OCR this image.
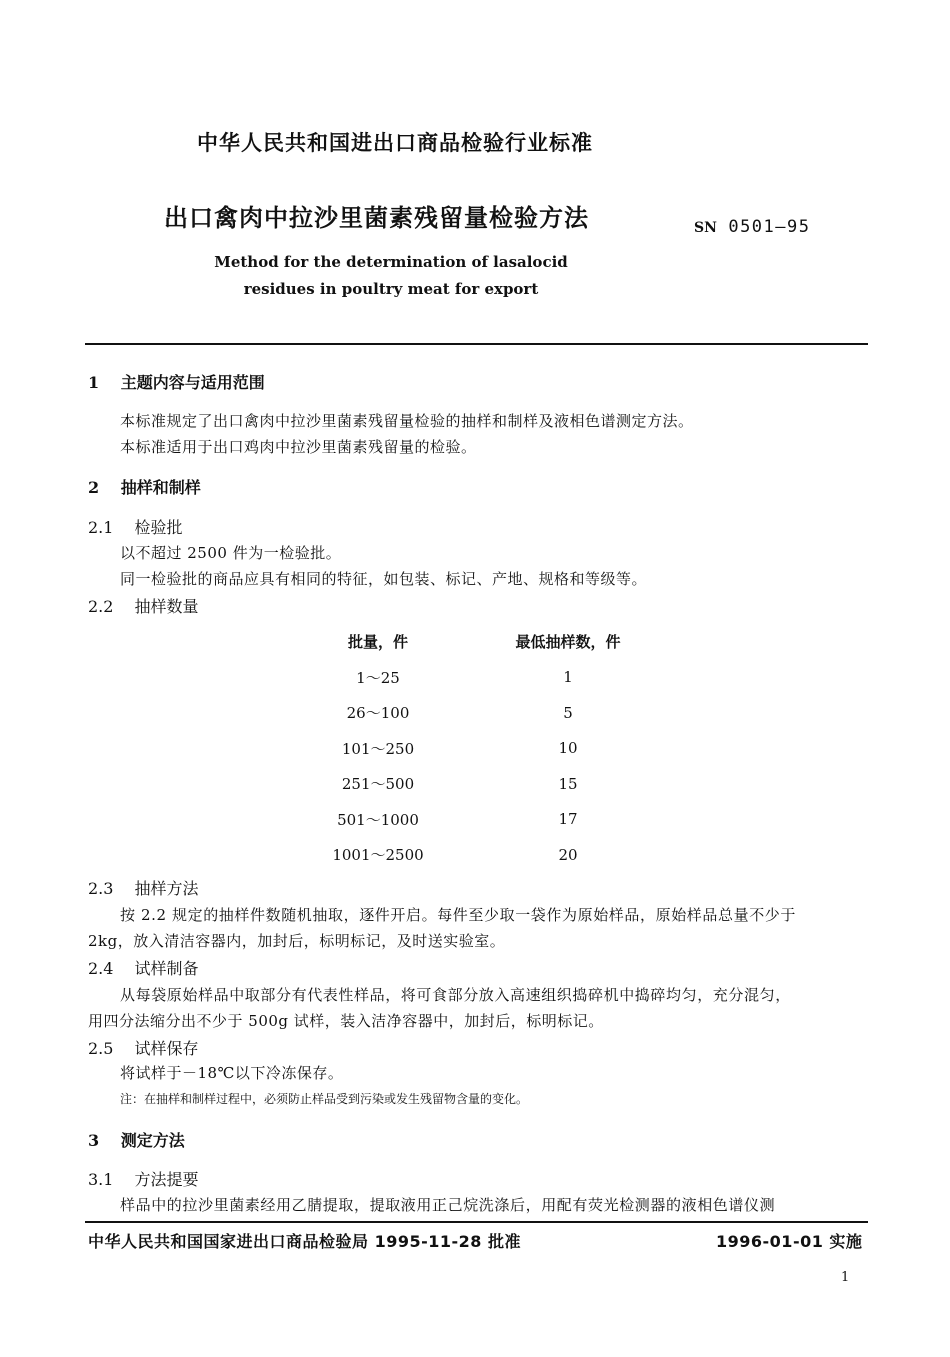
中华人民共和国进出口商品检验行业标准
出口禽肉中拉沙里菌素残留量检验方法	SN 0501—95
Method for the determination of lasalocid
residues in poultry meat for export
1 主题内容与适用范围
本标准规定了出口禽肉中拉沙里菌素残留量检验的抽样和制样及液相色谱测定方法。
本标准适用于出口鸡肉中拉沙里菌素残留量的检验。
2 抽样和制样
2.1 检验批
以不超过 2500 件为一检验批。
同一检验批的商品应具有相同的特征，如包装、标记、产地、规格和等级等。
2.2 抽样数量
批量，件	最低抽样数，件
1～25	1
26～100	5
101～250	10
251～500	15
501～1000	17
1001～2500	20
2.3 抽样方法
按 2.2 规定的抽样件数随机抽取，逐件开启。每件至少取一袋作为原始样品，原始样品总量不少于
2kg，放入清洁容器内，加封后，标明标记，及时送实验室。
2.4 试样制备
从每袋原始样品中取部分有代表性样品，将可食部分放入高速组织捣碎机中捣碎均匀，充分混匀，
用四分法缩分出不少于 500g 试样，装入洁净容器中，加封后，标明标记。
2.5 试样保存
将试样于－18℃以下冷冻保存。
注：在抽样和制样过程中，必须防止样品受到污染或发生残留物含量的变化。
3 测定方法
3.1 方法提要
样品中的拉沙里菌素经用乙腈提取，提取液用正己烷洗涤后，用配有荧光检测器的液相色谱仪测
中华人民共和国国家进出口商品检验局 1995-11-28 批准	1996-01-01 实施
1
